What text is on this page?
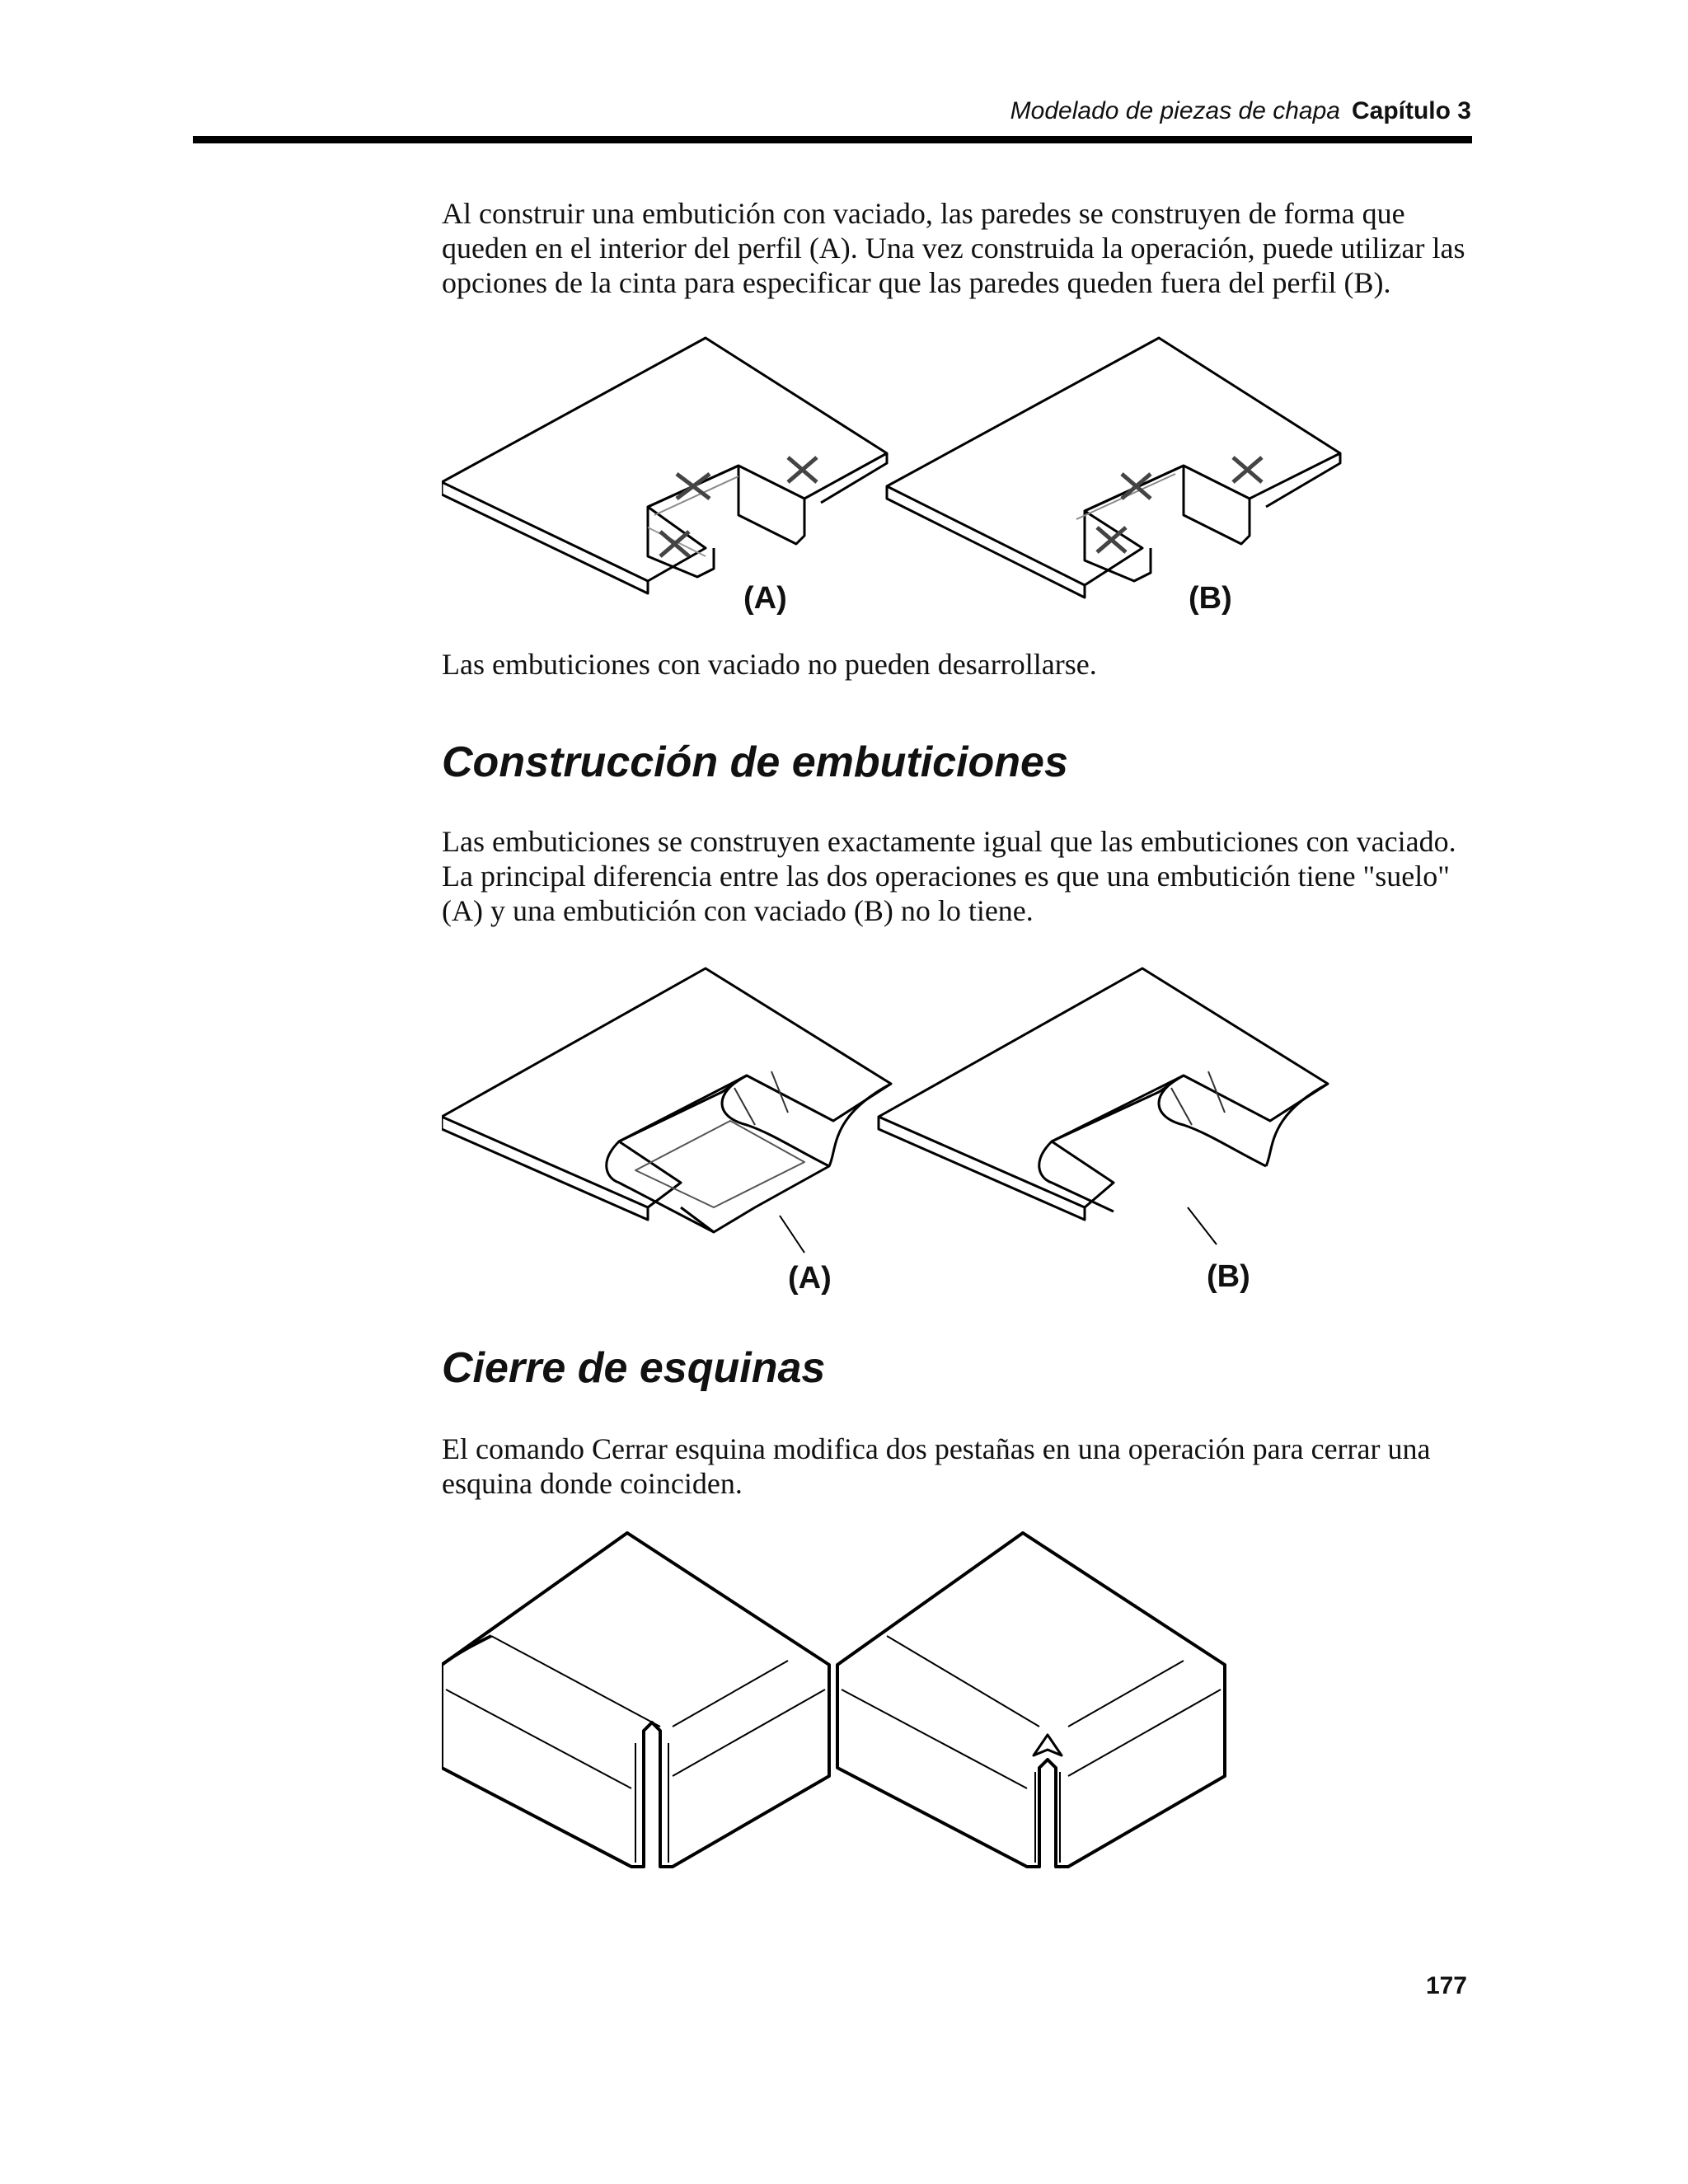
Modelado de piezas de chapa Capítulo 3

Al construir una embutición con vaciado, las paredes se construyen de forma que queden en el interior del perfil (A). Una vez construida la operación, puede utilizar las opciones de la cinta para especificar que las paredes queden fuera del perfil (B).

(A)	(B)

Las embuticiones con vaciado no pueden desarrollarse.

Construcción de embuticiones

Las embuticiones se construyen exactamente igual que las embuticiones con vaciado. La principal diferencia entre las dos operaciones es que una embutición tiene "suelo" (A) y una embutición con vaciado (B) no lo tiene.

(A)	(B)
Cierre de esquinas

El comando Cerrar esquina modifica dos pestañas en una operación para cerrar una esquina donde coinciden.

177
